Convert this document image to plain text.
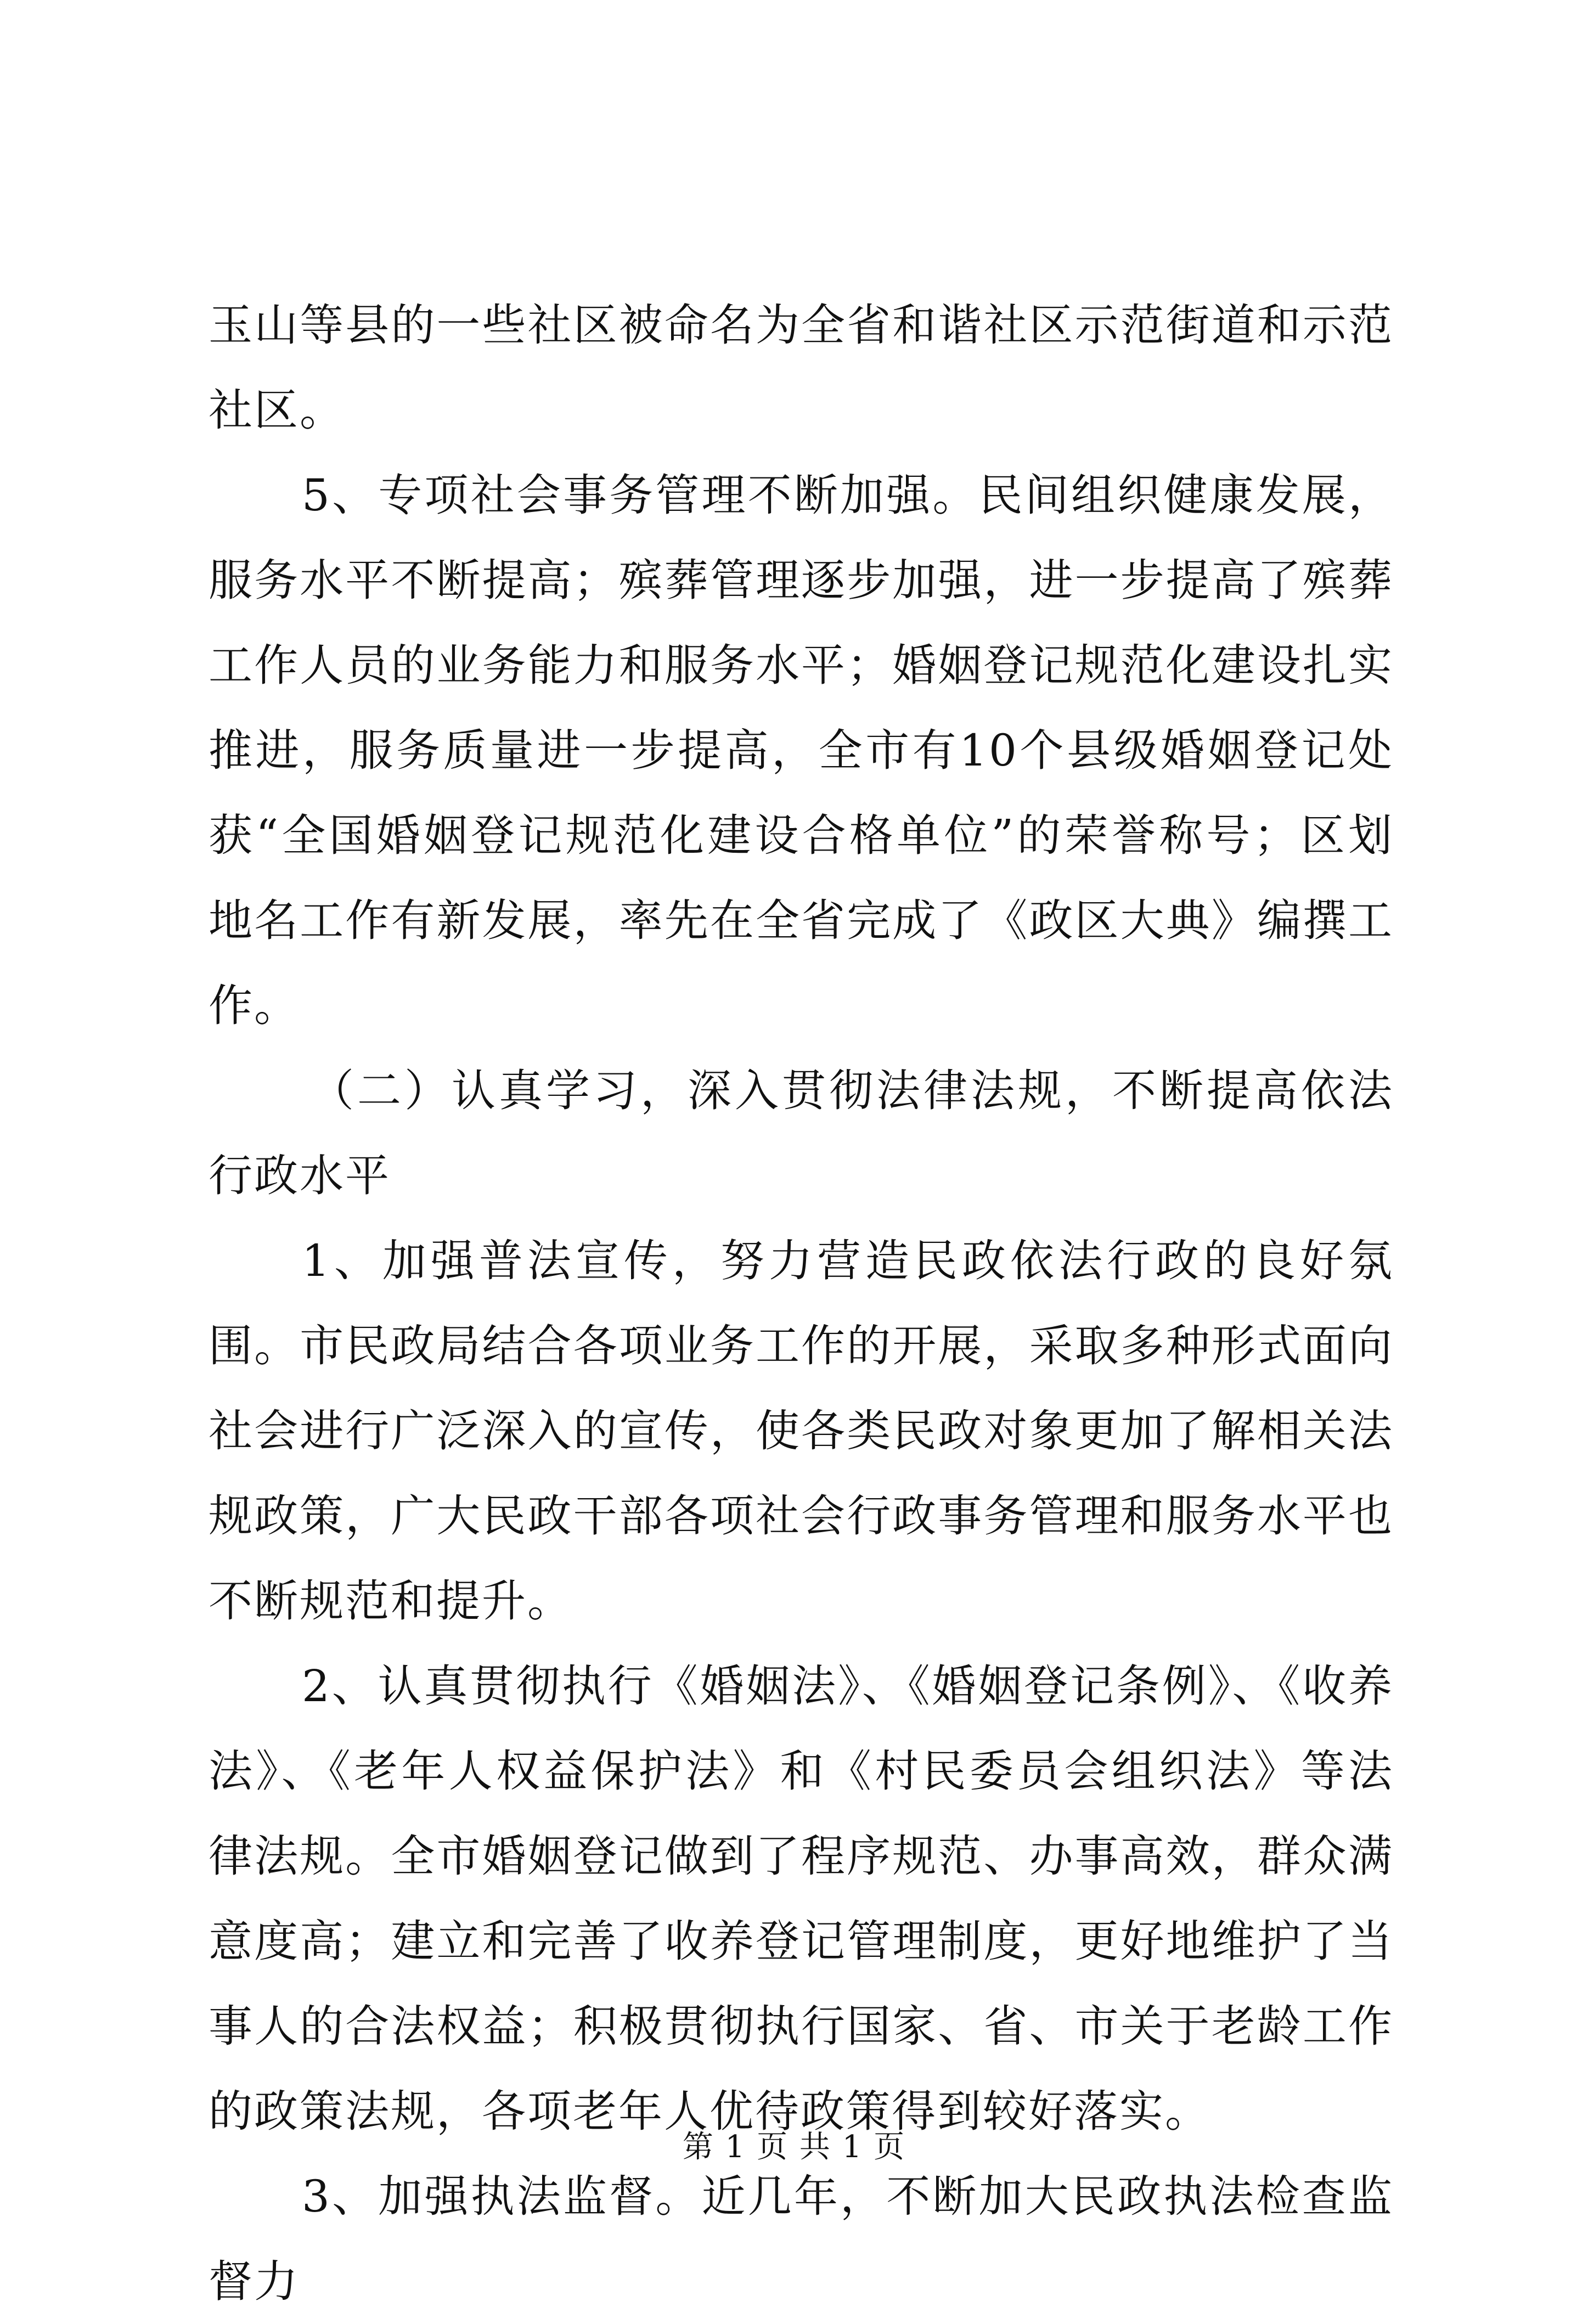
玉山等县的一些社区被命名为全省和谐社区示范街道和示范社区。

5、专项社会事务管理不断加强。民间组织健康发展，服务水平不断提高；殡葬管理逐步加强，进一步提高了殡葬工作人员的业务能力和服务水平；婚姻登记规范化建设扎实推进，服务质量进一步提高，全市有10个县级婚姻登记处获“全国婚姻登记规范化建设合格单位”的荣誉称号；区划地名工作有新发展，率先在全省完成了《政区大典》编撰工作。

（二）认真学习，深入贯彻法律法规，不断提高依法行政水平

1、加强普法宣传，努力营造民政依法行政的良好氛围。市民政局结合各项业务工作的开展，采取多种形式面向社会进行广泛深入的宣传，使各类民政对象更加了解相关法规政策，广大民政干部各项社会行政事务管理和服务水平也不断规范和提升。

2、认真贯彻执行《婚姻法》、《婚姻登记条例》、《收养法》、《老年人权益保护法》和《村民委员会组织法》等法律法规。全市婚姻登记做到了程序规范、办事高效，群众满意度高；建立和完善了收养登记管理制度，更好地维护了当事人的合法权益；积极贯彻执行国家、省、市关于老龄工作的政策法规，各项老年人优待政策得到较好落实。

3、加强执法监督。近几年，不断加大民政执法检查监督力

第 1 页 共 1 页
